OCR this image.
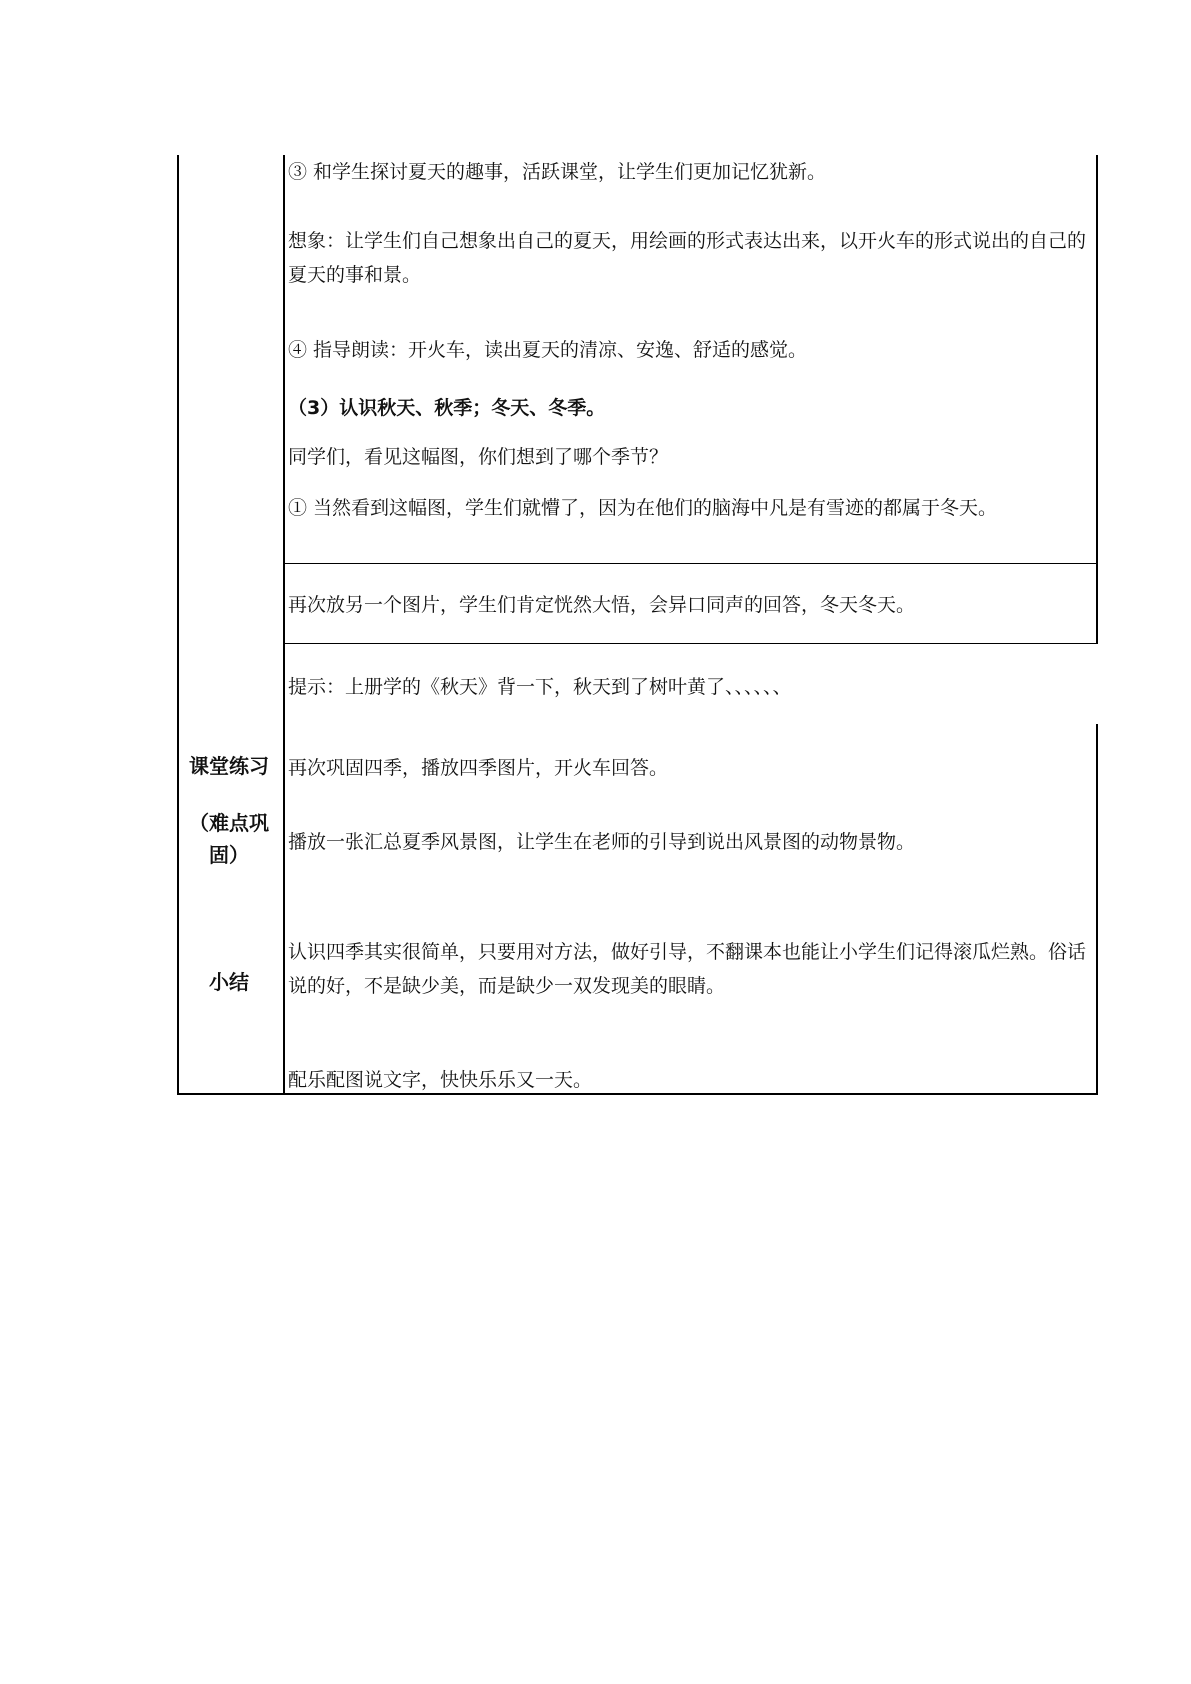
课堂练习
（难点巩
固）
小结
③ 和学生探讨夏天的趣事，活跃课堂，让学生们更加记忆犹新。
想象：让学生们自己想象出自己的夏天，用绘画的形式表达出来，以开火车的形式说出的自己的夏天的事和景。
④ 指导朗读：开火车，读出夏天的清凉、安逸、舒适的感觉。
（3）认识秋天、秋季；冬天、冬季。
同学们，看见这幅图，你们想到了哪个季节？
① 当然看到这幅图，学生们就懵了，因为在他们的脑海中凡是有雪迹的都属于冬天。
再次放另一个图片，学生们肯定恍然大悟，会异口同声的回答，冬天冬天。
提示：上册学的《秋天》背一下，秋天到了树叶黄了、、、、、、
再次巩固四季，播放四季图片，开火车回答。
播放一张汇总夏季风景图，让学生在老师的引导到说出风景图的动物景物。
认识四季其实很简单，只要用对方法，做好引导，不翻课本也能让小学生们记得滚瓜烂熟。俗话说的好，不是缺少美，而是缺少一双发现美的眼睛。
配乐配图说文字，快快乐乐又一天。
